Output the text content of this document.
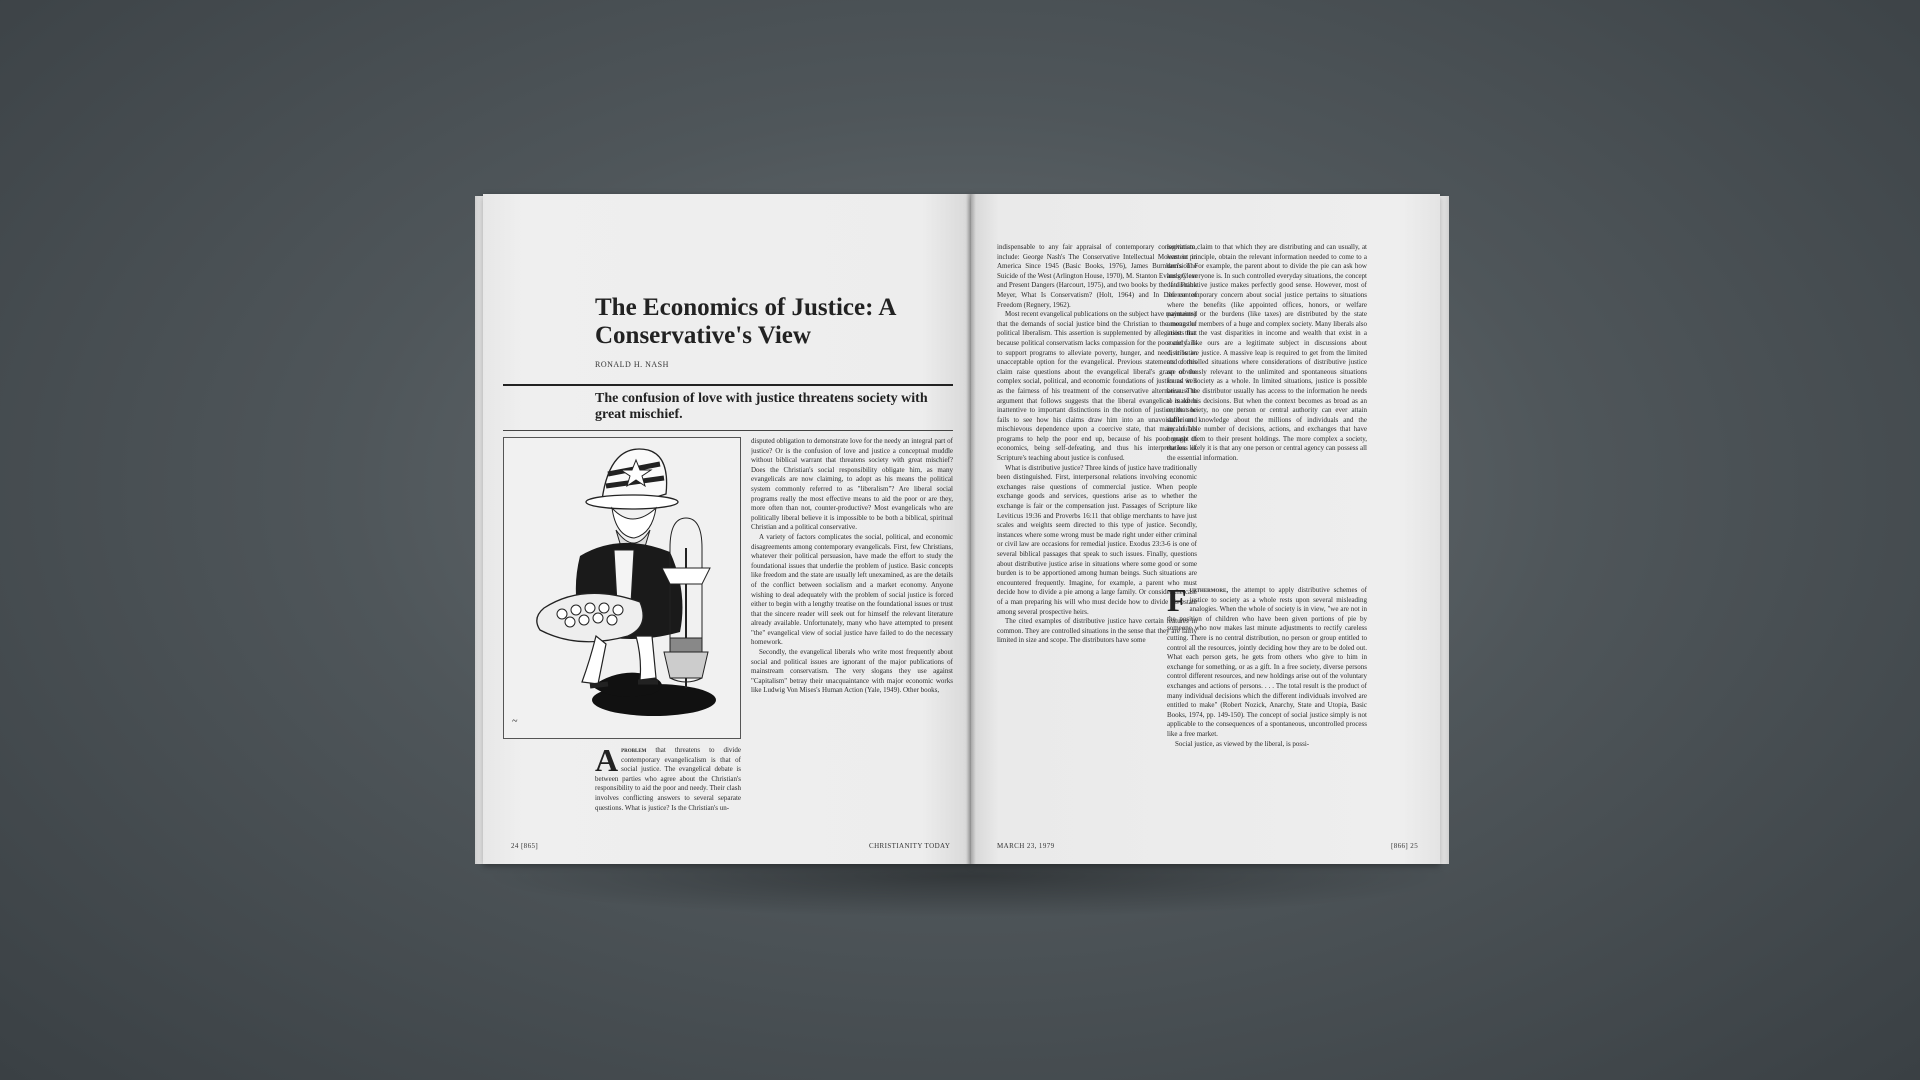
The Economics of Justice: A Conservative's View
RONALD H. NASH
The confusion of love with justice threatens society with great mischief.
~

disputed obligation to demonstrate love for the needy an integral part of justice? Or is the confusion of love and justice a conceptual muddle without biblical warrant that threatens society with great mischief? Does the Christian's social responsibility obligate him, as many evangelicals are now claiming, to adopt as his means the political system commonly referred to as "liberalism"? Are liberal social programs really the most effective means to aid the poor or are they, more often than not, counter-productive? Most evangelicals who are politically liberal believe it is impossible to be both a biblical, spiritual Christian and a political conservative.

A variety of factors complicates the social, political, and economic disagreements among contemporary evangelicals. First, few Christians, whatever their political persuasion, have made the effort to study the foundational issues that underlie the problem of justice. Basic concepts like freedom and the state are usually left unexamined, as are the details of the conflict between socialism and a market economy. Anyone wishing to deal adequately with the problem of social justice is forced either to begin with a lengthy treatise on the foundational issues or trust that the sincere reader will seek out for himself the relevant literature already available. Unfortunately, many who have attempted to present "the" evangelical view of social justice have failed to do the necessary homework.

Secondly, the evangelical liberals who write most frequently about social and political issues are ignorant of the major publications of mainstream conservatism. The very slogans they use against "Capitalism" betray their unacquaintance with major economic works like Ludwig Von Mises's Human Action (Yale, 1949). Other books,

Aproblem that threatens to divide contemporary evangelicalism is that of social justice. The evangelical debate is between parties who agree about the Christian's responsibility to aid the poor and needy. Their clash involves conflicting answers to several separate questions. What is justice? Is the Christian's un-

24 [865]	CHRISTIANITY TODAY

indispensable to any fair appraisal of contemporary conservatism, include: George Nash's The Conservative Intellectual Movement in America Since 1945 (Basic Books, 1976), James Burnham's The Suicide of the West (Arlington House, 1970), M. Stanton Evans's Clear and Present Dangers (Harcourt, 1975), and two books by the late Frank Meyer, What Is Conservatism? (Holt, 1964) and In Defense of Freedom (Regnery, 1962).

Most recent evangelical publications on the subject have maintained that the demands of social justice bind the Christian to the means of political liberalism. This assertion is supplemented by allegations that because political conservatism lacks compassion for the poor and fails to support programs to alleviate poverty, hunger, and need, it is an unacceptable option for the evangelical. Previous statements of this claim raise questions about the evangelical liberal's grasp of the complex social, political, and economic foundations of justice as well as the fairness of his treatment of the conservative alternative. The argument that follows suggests that the liberal evangelical is often inattentive to important distinctions in the notion of justice, that he fails to see how his claims draw him into an unavoidable and mischievous dependence upon a coercive state, that many of his programs to help the poor end up, because of his poor grasp of economics, being self-defeating, and thus his interpretation of Scripture's teaching about justice is confused.

What is distributive justice? Three kinds of justice have traditionally been distinguished. First, interpersonal relations involving economic exchanges raise questions of commercial justice. When people exchange goods and services, questions arise as to whether the exchange is fair or the compensation just. Passages of Scripture like Leviticus 19:36 and Proverbs 16:11 that oblige merchants to have just scales and weights seem directed to this type of justice. Secondly, instances where some wrong must be made right under either criminal or civil law are occasions for remedial justice. Exodus 23:3-6 is one of several biblical passages that speak to such issues. Finally, questions about distributive justice arise in situations where some good or some burden is to be apportioned among human beings. Such situations are encountered frequently. Imagine, for example, a parent who must decide how to divide a pie among a large family. Or consider the case of a man preparing his will who must decide how to divide his estate among several prospective heirs.

The cited examples of distributive justice have certain features in common. They are controlled situations in the sense that they are fairly limited in size and scope. The distributors have some

legitimate claim to that which they are distributing and can usually, at least in principle, obtain the relevant information needed to come to a decision. For example, the parent about to divide the pie can ask how hungry everyone is. In such controlled everyday situations, the concept of distributive justice makes perfectly good sense. However, most of the contemporary concern about social justice pertains to situations where the benefits (like appointed offices, honors, or welfare payments) or the burdens (like taxes) are distributed by the state among the members of a huge and complex society. Many liberals also insist that the vast disparities in income and wealth that exist in a society like ours are a legitimate subject in discussions about distributive justice. A massive leap is required to get from the limited and controlled situations where considerations of distributive justice are obviously relevant to the unlimited and spontaneous situations found in society as a whole. In limited situations, justice is possible because the distributor usually has access to the information he needs to make his decisions. But when the context becomes as broad as an entire society, no one person or central authority can ever attain sufficient knowledge about the millions of individuals and the incalculable number of decisions, actions, and exchanges that have brought them to their present holdings. The more complex a society, the less likely it is that any one person or central agency can possess all the essential information.

Furthermore, the attempt to apply distributive schemes of justice to society as a whole rests upon several misleading analogies. When the whole of society is in view, "we are not in the position of children who have been given portions of pie by someone who now makes last minute adjustments to rectify careless cutting. There is no central distribution, no person or group entitled to control all the resources, jointly deciding how they are to be doled out. What each person gets, he gets from others who give to him in exchange for something, or as a gift. In a free society, diverse persons control different resources, and new holdings arise out of the voluntary exchanges and actions of persons. . . . The total result is the product of many individual decisions which the different individuals involved are entitled to make" (Robert Nozick, Anarchy, State and Utopia, Basic Books, 1974, pp. 149-150). The concept of social justice simply is not applicable to the consequences of a spontaneous, uncontrolled process like a free market.

Social justice, as viewed by the liberal, is possi-

MARCH 23, 1979	[866] 25
